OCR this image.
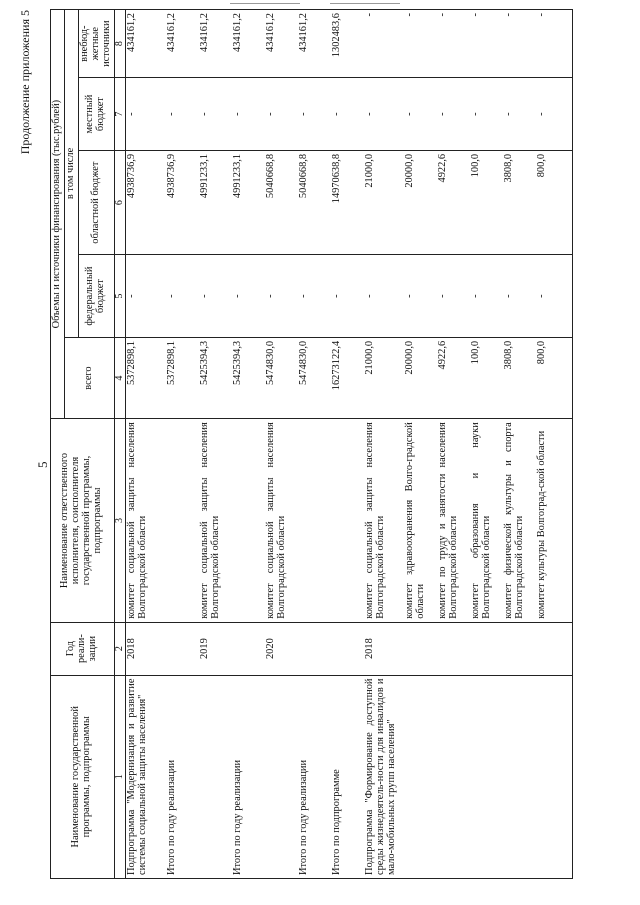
5
Продолжение приложения 5
Наименование государственной программы, подпрограммы	Год реали-зации	Наименование ответственного исполнителя, соисполнителя государственной программы, подпрограммы	Объемы и источники финансирования (тыс.рублей)				
			всего	в том числе			
				федеральный бюджет	областной бюджет	местный бюджет	внебюд-жетные источники
1	2	3	4	5	6	7	8
Подпрограмма "Модернизация и развитие системы социальной защиты населения"	2018	комитет социальной защиты населения Волгоградской области	5372898,1	-	4938736,9	-	434161,2
Итого по году реализации			5372898,1	-	4938736,9	-	434161,2
	2019	комитет социальной защиты населения Волгоградской области	5425394,3	-	4991233,1	-	434161,2
Итого по году реализации			5425394,3	-	4991233,1	-	434161,2
	2020	комитет социальной защиты населения Волгоградской области	5474830,0	-	5040668,8	-	434161,2
Итого по году реализации			5474830,0	-	5040668,8	-	434161,2
Итого по подпрограмме			16273122,4	-	14970638,8	-	1302483,6
Подпрограмма "Формирование доступной среды жизнедеятель-ности для инвалидов и мало-мобильных групп населения"	2018	комитет социальной защиты населения Волгоградской области	21000,0	-	21000,0	-	-
		комитет здравоохранения Волго-градской области	20000,0	-	20000,0	-	-
		комитет по труду и занятости населения Волгоградской области	4922,6	-	4922,6	-	-
		комитет образования и науки Волгоградской области	100,0	-	100,0	-	-
		комитет физической культуры и спорта Волгоградской области	3808,0	-	3808,0	-	-
		комитет культуры Волгоград-ской области	800,0	-	800,0	-	-
